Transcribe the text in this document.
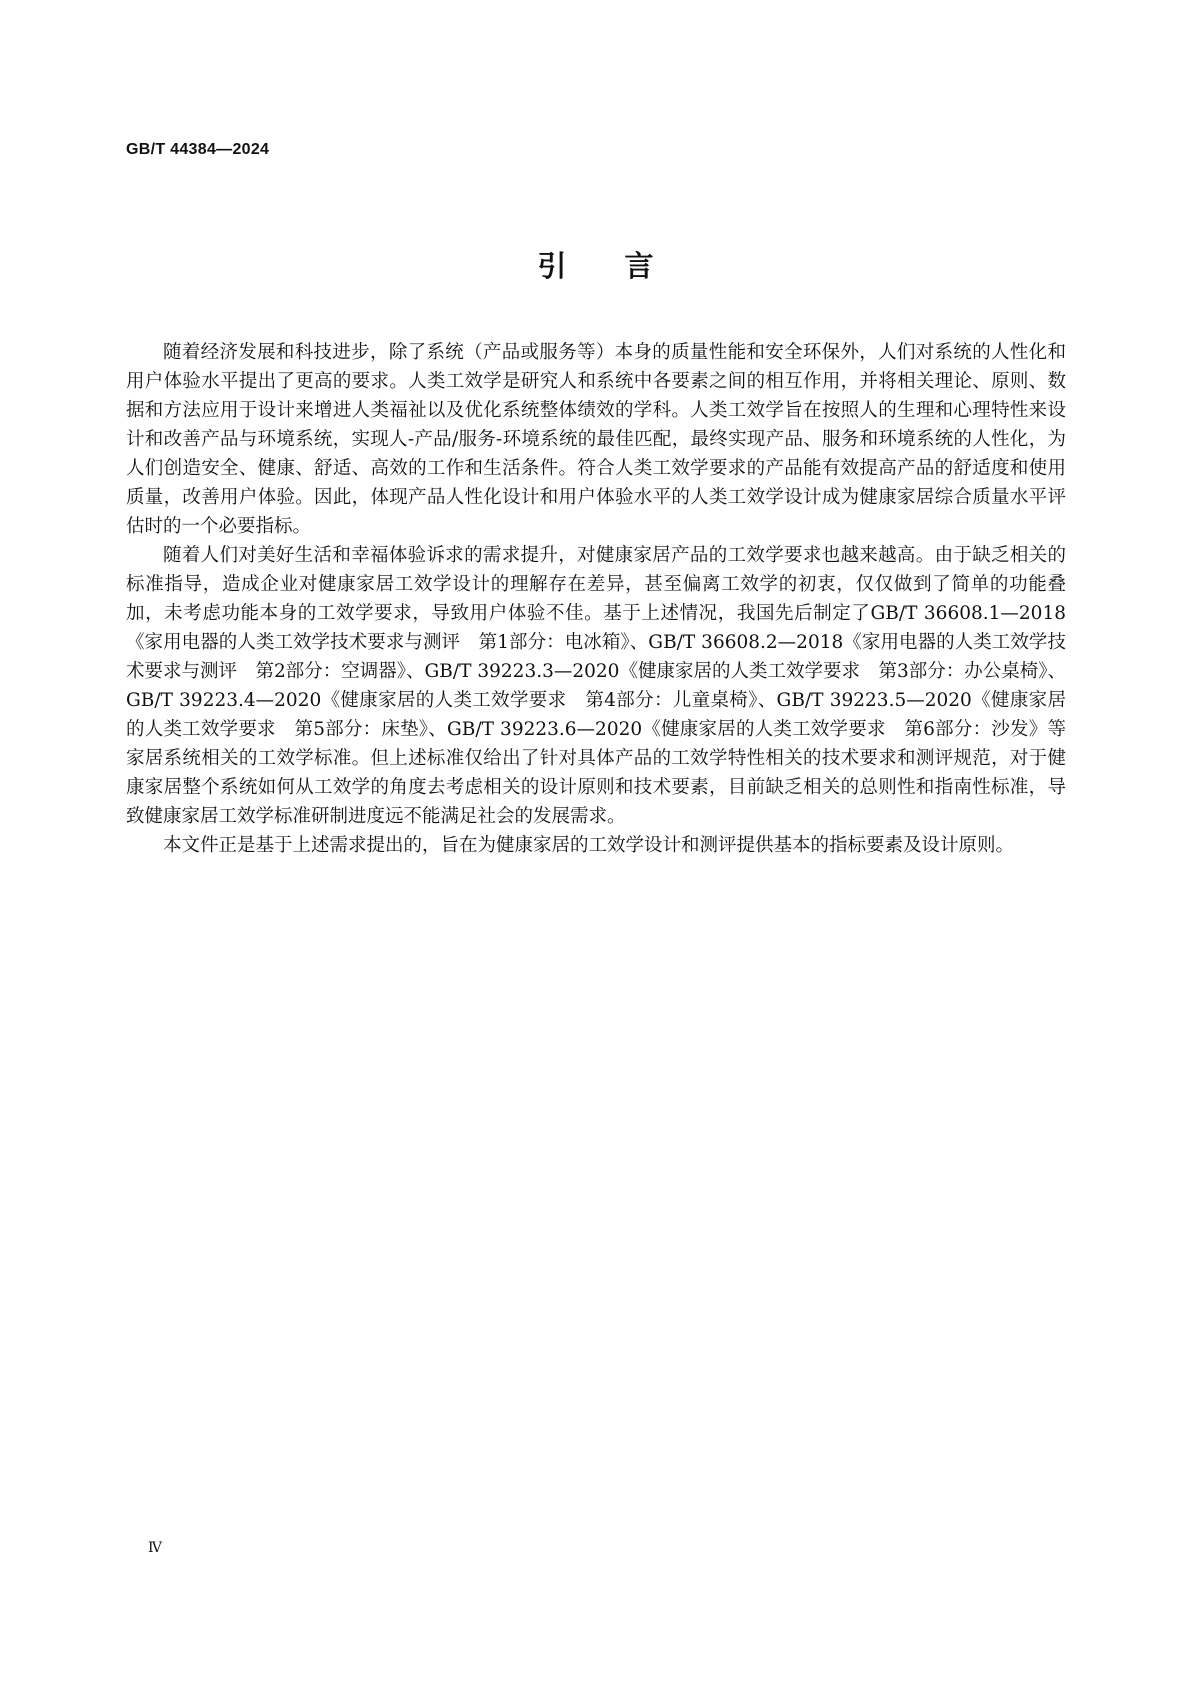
GB/T 44384—2024
引言

随着经济发展和科技进步，除了系统（产品或服务等）本身的质量性能和安全环保外，人们对系统的人性化和用户体验水平提出了更高的要求。人类工效学是研究人和系统中各要素之间的相互作用，并将相关理论、原则、数据和方法应用于设计来增进人类福祉以及优化系统整体绩效的学科。人类工效学旨在按照人的生理和心理特性来设计和改善产品与环境系统，实现人-产品/服务-环境系统的最佳匹配，最终实现产品、服务和环境系统的人性化，为人们创造安全、健康、舒适、高效的工作和生活条件。符合人类工效学要求的产品能有效提高产品的舒适度和使用质量，改善用户体验。因此，体现产品人性化设计和用户体验水平的人类工效学设计成为健康家居综合质量水平评估时的一个必要指标。

随着人们对美好生活和幸福体验诉求的需求提升，对健康家居产品的工效学要求也越来越高。由于缺乏相关的标准指导，造成企业对健康家居工效学设计的理解存在差异，甚至偏离工效学的初衷，仅仅做到了简单的功能叠加，未考虑功能本身的工效学要求，导致用户体验不佳。基于上述情况，我国先后制定了GB/T 36608.1—2018《家用电器的人类工效学技术要求与测评　第1部分：电冰箱》、GB/T 36608.2—2018《家用电器的人类工效学技术要求与测评　第2部分：空调器》、GB/T 39223.3—2020《健康家居的人类工效学要求　第3部分：办公桌椅》、GB/T 39223.4—2020《健康家居的人类工效学要求　第4部分：儿童桌椅》、GB/T 39223.5—2020《健康家居的人类工效学要求　第5部分：床垫》、GB/T 39223.6—2020《健康家居的人类工效学要求　第6部分：沙发》等家居系统相关的工效学标准。但上述标准仅给出了针对具体产品的工效学特性相关的技术要求和测评规范，对于健康家居整个系统如何从工效学的角度去考虑相关的设计原则和技术要素，目前缺乏相关的总则性和指南性标准，导致健康家居工效学标准研制进度远不能满足社会的发展需求。

本文件正是基于上述需求提出的，旨在为健康家居的工效学设计和测评提供基本的指标要素及设计原则。

Ⅳ
